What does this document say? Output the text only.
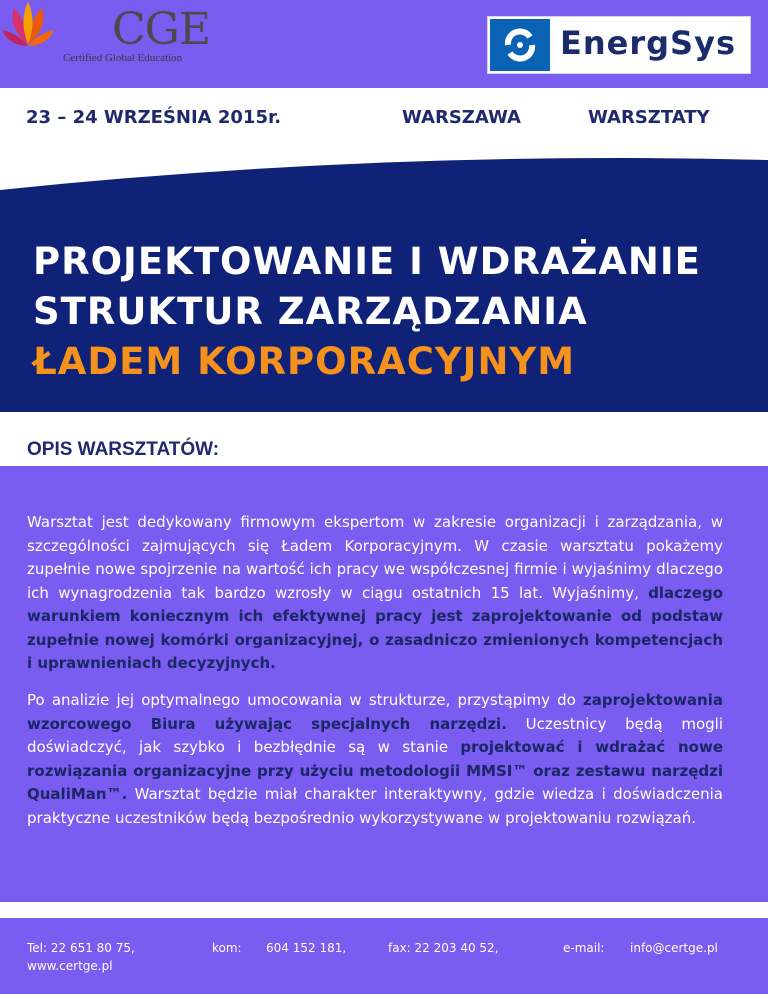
CGE
Certified Global Education	EnergSys
23 – 24 WRZEŚNIA 2015r.	WARSZAWA	WARSZTATY
PROJEKTOWANIE I WDRAŻANIE
STRUKTUR ZARZĄDZANIA
ŁADEM KORPORACYJNYM
OPIS WARSZTATÓW:

Warsztat jest dedykowany firmowym ekspertom w zakresie organizacji i zarządzania, w szczególności zajmujących się Ładem Korporacyjnym. W czasie warsztatu pokażemy zupełnie nowe spojrzenie na wartość ich pracy we współczesnej firmie i wyjaśnimy dlaczego ich wynagrodzenia tak bardzo wzrosły w ciągu ostatnich 15 lat. Wyjaśnimy, dlaczego warunkiem koniecznym ich efektywnej pracy jest zaprojektowanie od podstaw zupełnie nowej komórki organizacyjnej, o zasadniczo zmienionych kompetencjach i uprawnieniach decyzyjnych.

Po analizie jej optymalnego umocowania w strukturze, przystąpimy do zaprojektowania wzorcowego Biura używając specjalnych narzędzi. Uczestnicy będą mogli doświadczyć, jak szybko i bezbłędnie są w stanie projektować i wdrażać nowe rozwiązania organizacyjne przy użyciu metodologii MMSI™ oraz zestawu narzędzi QualiMan™. Warsztat będzie miał charakter interaktywny, gdzie wiedza i doświadczenia praktyczne uczestników będą bezpośrednio wykorzystywane w projektowaniu rozwiązań.

Tel: 22 651 80 75,
www.certge.pl
kom: 604 152 181,	fax: 22 203 40 52,	e-mail: info@certge.pl
